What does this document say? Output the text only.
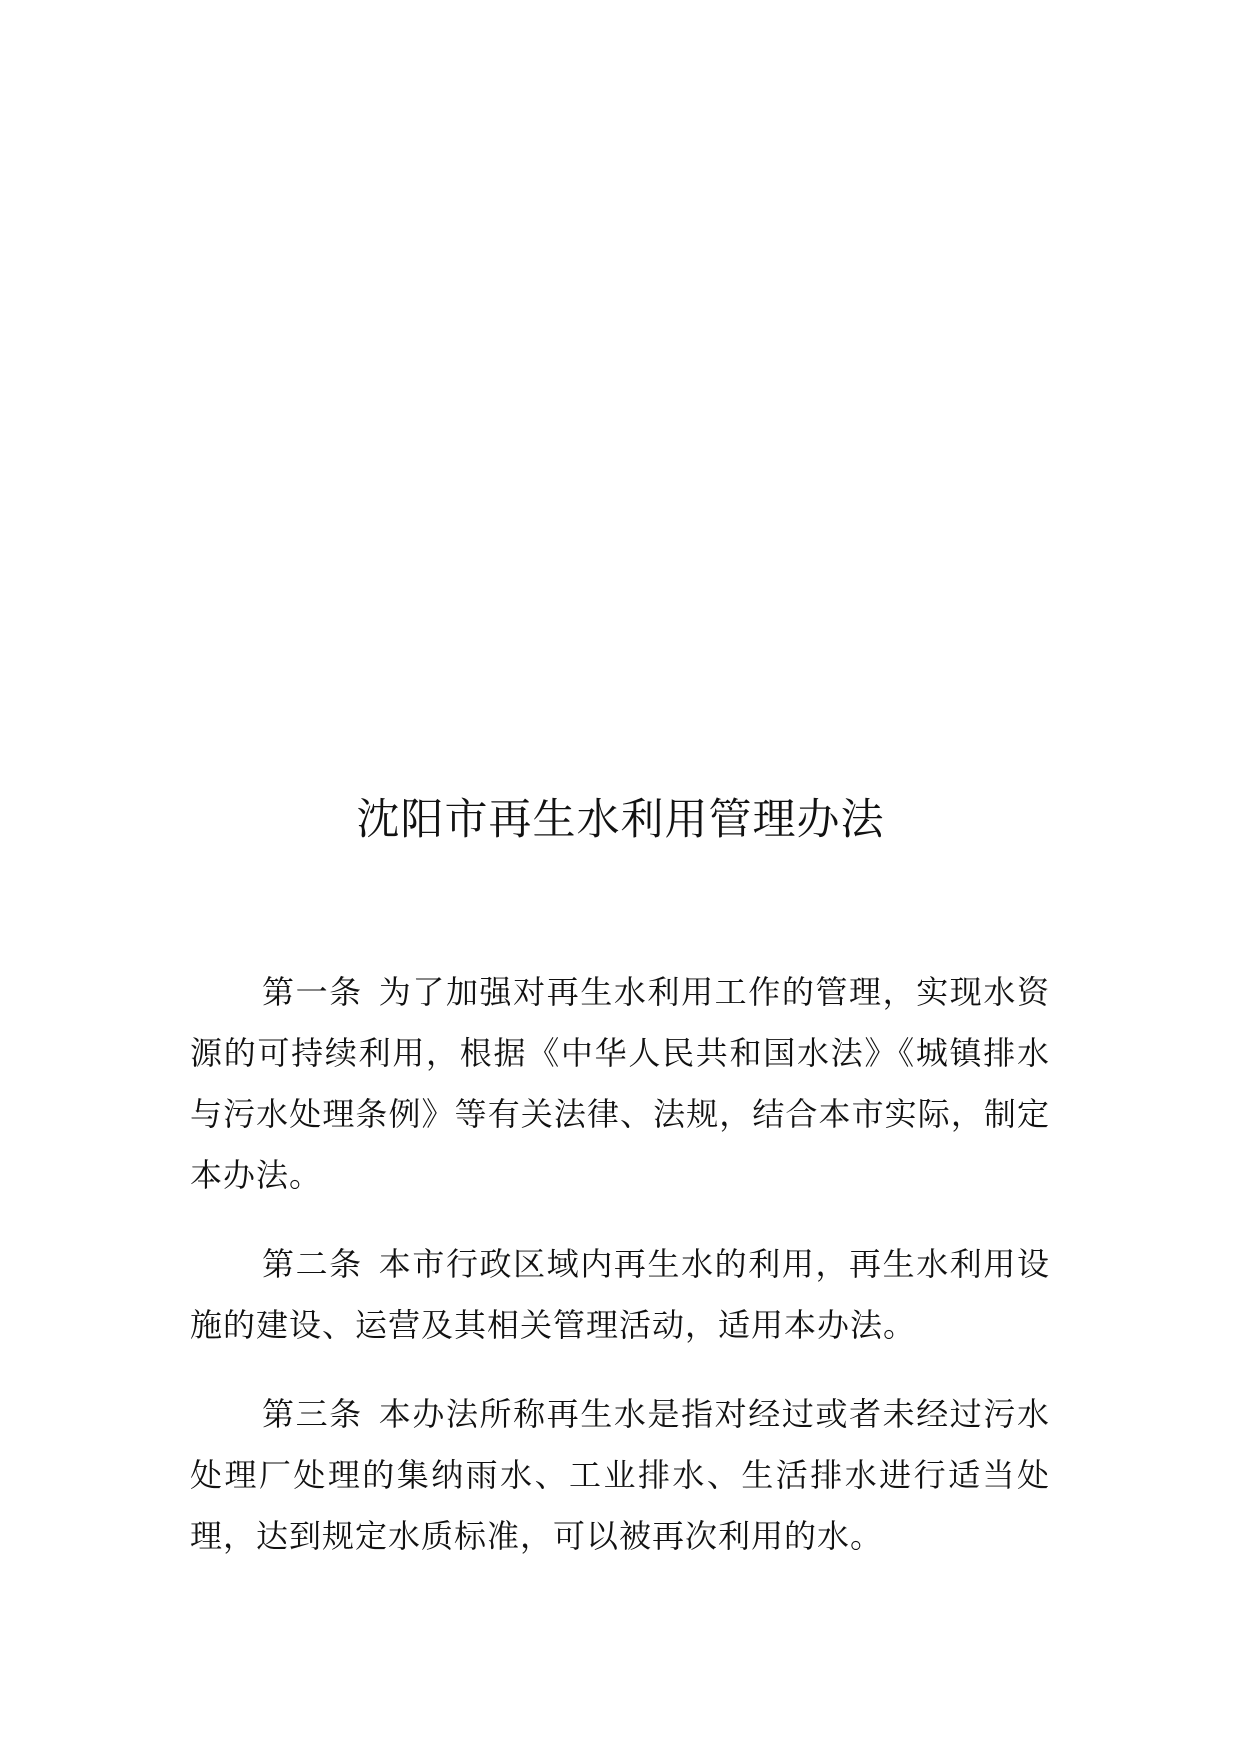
沈阳市再生水利用管理办法

第一条 为了加强对再生水利用工作的管理，实现水资源的可持续利用，根据《中华人民共和国水法》《城镇排水与污水处理条例》等有关法律、法规，结合本市实际，制定本办法。

第二条 本市行政区域内再生水的利用，再生水利用设施的建设、运营及其相关管理活动，适用本办法。

第三条 本办法所称再生水是指对经过或者未经过污水处理厂处理的集纳雨水、工业排水、生活排水进行适当处理，达到规定水质标准，可以被再次利用的水。
